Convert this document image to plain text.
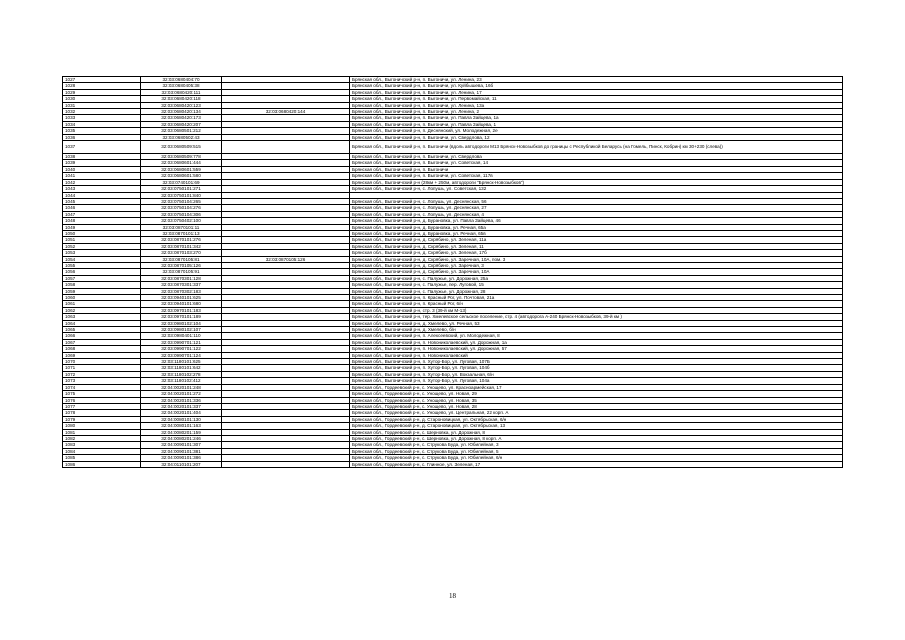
1027	32:03:0680404:70		Брянская обл., Выгоничский р-н, п. Выгоничи, ул. Ленина, 23
1028	32:03:0680405:38		Брянская обл., Выгоничский р-н, п. Выгоничи, ул. Куйбышева, 16б
1029	32:03:0680420:111		Брянская обл., Выгоничский р-н, п. Выгоничи, ул. Ленина, 17
1030	32:03:0680420:118		Брянская обл., Выгоничский р-н, п. Выгоничи, ул. Первомайская, 11
1031	32:03:0680420:123		Брянская обл., Выгоничский р-н, п. Выгоничи, ул. Ленина, 13а
1032	32:03:0680420:134	32:03:0680420:144	Брянская обл., Выгоничский р-н, п. Выгоничи, ул. Ленина, 2
1033	32:03:0680420:173		Брянская обл., Выгоничский р-н, п. Выгоничи, ул. Павла Зайцева, 1а
1034	32:03:0680420:207		Брянская обл., Выгоничский р-н, п. Выгоничи, ул. Павла Зайцева, 1
1035	32:03:0680501:212		Брянская обл., Выгоничский р-н, п. Деснянский, ул. Молодежная, 2е
1036	32:03:0680502:43		Брянская обл., Выгоничский р-н, п. Выгоничи, ул. Свердлова, 12
1037	32:03:0680509:515		Брянская обл., Выгоничский р-н, п. Выгоничи (вдоль автодороги М13 Брянск-Новозыбков до границы с Республикой Беларусь (на Гомель, Пинск, Кобрин) км 30+230 (слева))
1038	32:03:0680509:778		Брянская обл., Выгоничский р-н, п. Выгоничи, ул. Свердлова
1039	32:03:0680601:444		Брянская обл., Выгоничский р-н, п. Выгоничи, ул. Советская, 14
1040	32:03:0680601:559		Брянская обл., Выгоничский р-н, п. Выгоничи
1041	32:03:0680601:580		Брянская обл., Выгоничский р-н, п. Выгоничи, ул. Советская, 117в
1042	32:03:0740101:69		Брянская обл., Выгоничский р-н (28км + 250м, автодороги "Брянск-Новозыбков")
1043	32:03:0750101:271		Брянская обл., Выгоничский р-н, с. Лопушь, ул. Советская, 132
1044	32:03:0750101:840		
1045	32:03:0750104:265		Брянская обл., Выгоничский р-н, с. Лопушь, ул. Деснянская, 56
1046	32:03:0750104:276		Брянская обл., Выгоничский р-н, с. Лопушь, ул. Деснянская, 27
1047	32:03:0750104:306		Брянская обл., Выгоничский р-н, с. Лопушь, ул. Деснянская, 4
1048	32:03:0750402:100		Брянская обл., Выгоничский р-н, д. Бурановка, ул. Павла Зайцева, 46
1049	32:03:0870101:11		Брянская обл., Выгоничский р-н, д. Бурановка, ул. Речная, 65а
1050	32:03:0870101:13		Брянская обл., Выгоничский р-н, д. Бурановка, ул. Речная, 65в
1051	32:03:0870101:276		Брянская обл., Выгоничский р-н, д. Скрябино, ул. Зеленая, 11а
1052	32:03:0870101:342		Брянская обл., Выгоничский р-н, д. Скрябино, ул. Зеленая, 11
1053	32:03:0870103:270		Брянская обл., Выгоничский р-н, д. Скрябино, ул. Зеленая, 17б
1054	32:03:0870105:81	32:03:0870105:126	Брянская обл., Выгоничский р-н, д. Скрябино, ул. Заречная, 10А, пом. 3
1055	32:03:0870105:126		Брянская обл., Выгоничский р-н, д. Скрябино, ул. Заречная, 3
1056	32:03:0870105:91		Брянская обл., Выгоничский р-н, д. Скрябино, ул. Заречная, 10А
1057	32:03:0870301:128		Брянская обл., Выгоничский р-н, с. Палужье, ул. Дорожная, 25а
1058	32:03:0870301:337		Брянская обл., Выгоничский р-н, с. Палужье, пер. Луговой, 15
1059	32:03:0870302:183		Брянская обл., Выгоничский р-н, с. Палужье, ул. Дорожная, 28
1060	32:03:0940101:625		Брянская обл., Выгоничский р-н, п. Красный Рог, ул. Почтовая, 21а
1061	32:03:0940101:680		Брянская обл., Выгоничский р-н, п. Красный Рог, 6/н
1062	32:03:0970101:183		Брянская обл., Выгоничский р-н, стр. 3 (39-й км М-13)
1063	32:03:0970101:189		Брянская обл., Выгоничский р-н, тер. Хмелевское сельское поселение, стр. 4 (автодорога А-240 Брянск-Новозыбков, 39-й км )
1064	32:03:0980102:104		Брянская обл., Выгоничский р-н, д. Хмелево, ул. Речная, 53
1065	32:03:0980102:107		Брянская обл., Выгоничский р-н, д. Хмелево, б/н
1066	32:03:0980401:110		Брянская обл., Выгоничский р-н, п. Алексеевский, ул. Молодежная, 8
1067	32:03:0990701:121		Брянская обл., Выгоничский р-н, п. Новониколаевский, ул. Дорожная, 1а
1068	32:03:0990701:122		Брянская обл., Выгоничский р-н, п. Новониколаевский, ул. Дорожная, 57
1069	32:03:0990701:124		Брянская обл., Выгоничский р-н, п. Новониколаевский
1070	32:03:1180101:625		Брянская обл., Выгоничский р-н, п. Хутор-Бор, ул. Луговая, 107Б
1071	32:03:1180101:642		Брянская обл., Выгоничский р-н, п. Хутор-Бор, ул. Луговая, 104б
1072	32:03:1180102:278		Брянская обл., Выгоничский р-н, п. Хутор-Бор, ул. Вокзальная, 6/н
1073	32:03:1180102:412		Брянская обл., Выгоничский р-н, п. Хутор-Бор, ул. Луговая, 104а
1074	32:04:0020101:248		Брянская обл., Гордеевский р-н, с. Унощево, ул. Красноармейская, 17
1075	32:04:0020101:272		Брянская обл., Гордеевский р-н, с. Унощево, ул. Новая, 29
1076	32:04:0020101:336		Брянская обл., Гордеевский р-н, с. Унощево, ул. Новая, 35
1077	32:04:0020101:337		Брянская обл., Гордеевский р-н, с. Унощево, ул. Новая, 28
1078	32:04:0020101:404		Брянская обл., Гордеевский р-н, с. Унощево, ул. Центральная, 22 корп. А
1079	32:04:0080101:130		Брянская обл., Гордеевский р-н, д. Староновицкая, ул. Октябрьская, 6/н
1080	32:04:0080101:163		Брянская обл., Гордеевский р-н, д. Староновицкая, ул. Октябрьская, 13
1081	32:04:0080201:159		Брянская обл., Гордеевский р-н, с. Шерновка, ул. Дорожная, 8
1082	32:04:0080201:246		Брянская обл., Гордеевский р-н, с. Шерновка, ул. Дорожная, 8 корп. А
1083	32:04:0090101:307		Брянская обл., Гордеевский р-н, с. Струкова Буда, ул. Юбилейная, 3
1084	32:04:0090101:381		Брянская обл., Гордеевский р-н, с. Струкова Буда, ул. Юбилейная, 5
1085	32:04:0090101:386		Брянская обл., Гордеевский р-н, с. Струкова Буда, ул. Юбилейная, 6/н
1086	32:04:0110101:207		Брянская обл., Гордеевский р-н, с. Глинное, ул. Зеленая, 17
18
